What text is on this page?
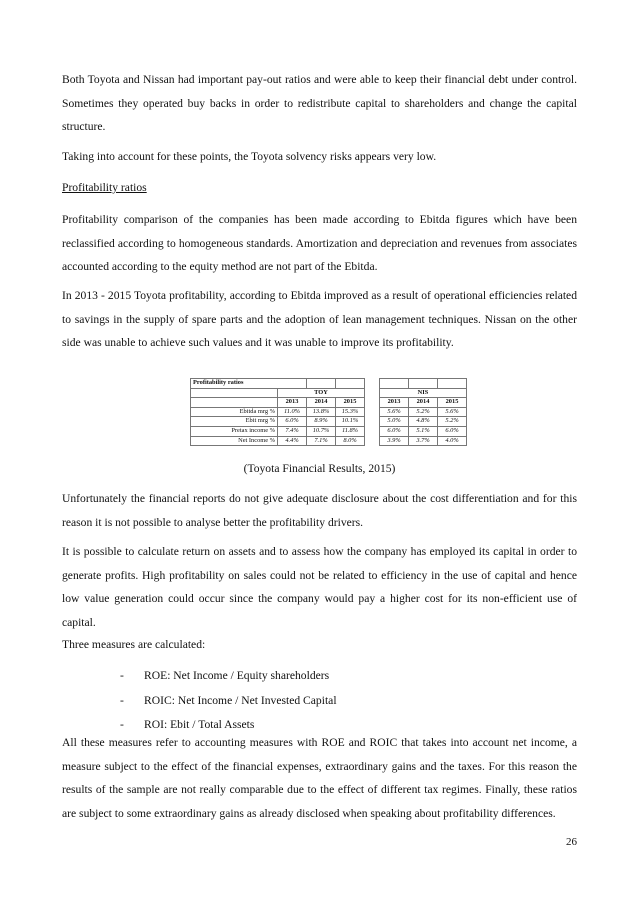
Both Toyota and Nissan had important pay-out ratios and were able to keep their financial debt under control. Sometimes they operated buy backs in order to redistribute capital to shareholders and change the capital structure.

Taking into account for these points, the Toyota solvency risks appears very low.

Profitability ratios

Profitability comparison of the companies has been made according to Ebitda figures which have been reclassified according to homogeneous standards. Amortization and depreciation and revenues from associates accounted according to the equity method are not part of the Ebitda.

In 2013 - 2015 Toyota profitability, according to Ebitda improved as a result of operational efficiencies related to savings in the supply of spare parts and the adoption of lean management techniques. Nissan on the other side was unable to achieve such values and it was unable to improve its profitability.

Profitability ratios							
	TOY				NIS		
	2013	2014	2015		2013	2014	2015
Ebitda mrg %	11.0%	13.8%	15.3%		5.6%	5.2%	5.6%
Ebit mrg %	6.0%	8.9%	10.1%		5.0%	4.8%	5.2%
Pretax income %	7.4%	10.7%	11.8%		6.0%	5.1%	6.0%
Net Income %	4.4%	7.1%	8.0%		3.9%	3.7%	4.0%
(Toyota Financial Results, 2015)

Unfortunately the financial reports do not give adequate disclosure about the cost differentiation and for this reason it is not possible to analyse better the profitability drivers.

It is possible to calculate return on assets and to assess how the company has employed its capital in order to generate profits. High profitability on sales could not be related to efficiency in the use of capital and hence low value generation could occur since the company would pay a higher cost for its non-efficient use of capital.

Three measures are calculated:

- ROE: Net Income / Equity shareholders
- ROIC: Net Income / Net Invested Capital
- ROI: Ebit / Total Assets

All these measures refer to accounting measures with ROE and ROIC that takes into account net income, a measure subject to the effect of the financial expenses, extraordinary gains and the taxes. For this reason the results of the sample are not really comparable due to the effect of different tax regimes. Finally, these ratios are subject to some extraordinary gains as already disclosed when speaking about profitability differences.

26
